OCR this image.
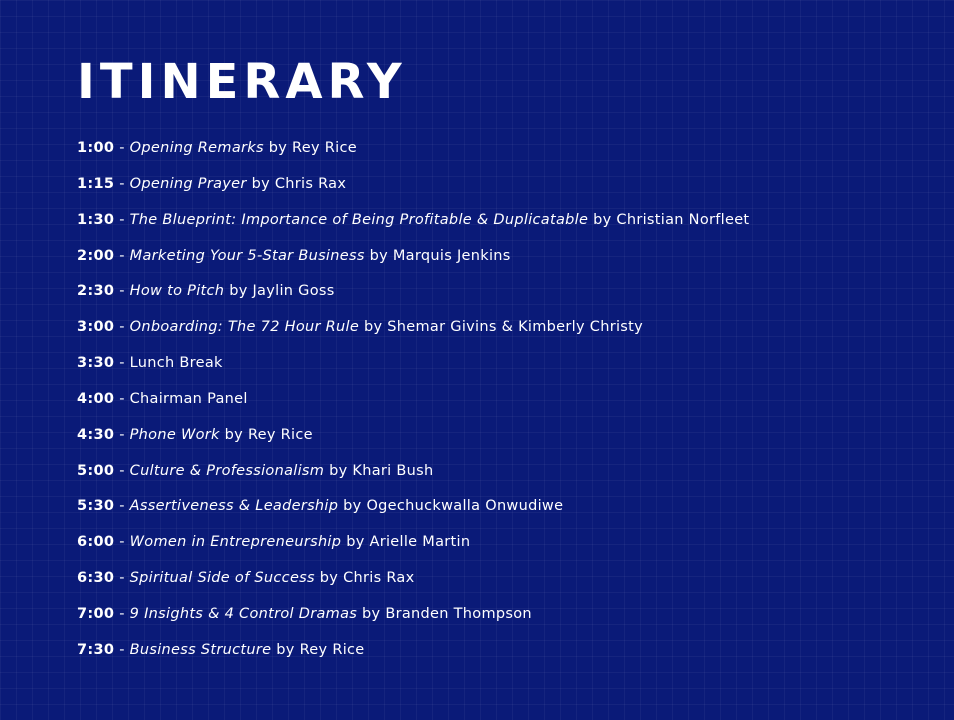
ITINERARY
1:00 - Opening Remarks by Rey Rice
1:15 - Opening Prayer by Chris Rax
1:30 - The Blueprint: Importance of Being Profitable & Duplicatable by Christian Norfleet
2:00 - Marketing Your 5-Star Business by Marquis Jenkins
2:30 - How to Pitch by Jaylin Goss
3:00 - Onboarding: The 72 Hour Rule by Shemar Givins & Kimberly Christy
3:30 - Lunch Break
4:00 - Chairman Panel
4:30 - Phone Work by Rey Rice
5:00 - Culture & Professionalism by Khari Bush
5:30 - Assertiveness & Leadership by Ogechuckwalla Onwudiwe
6:00 - Women in Entrepreneurship by Arielle Martin
6:30 - Spiritual Side of Success by Chris Rax
7:00 - 9 Insights & 4 Control Dramas by Branden Thompson
7:30 - Business Structure by Rey Rice
